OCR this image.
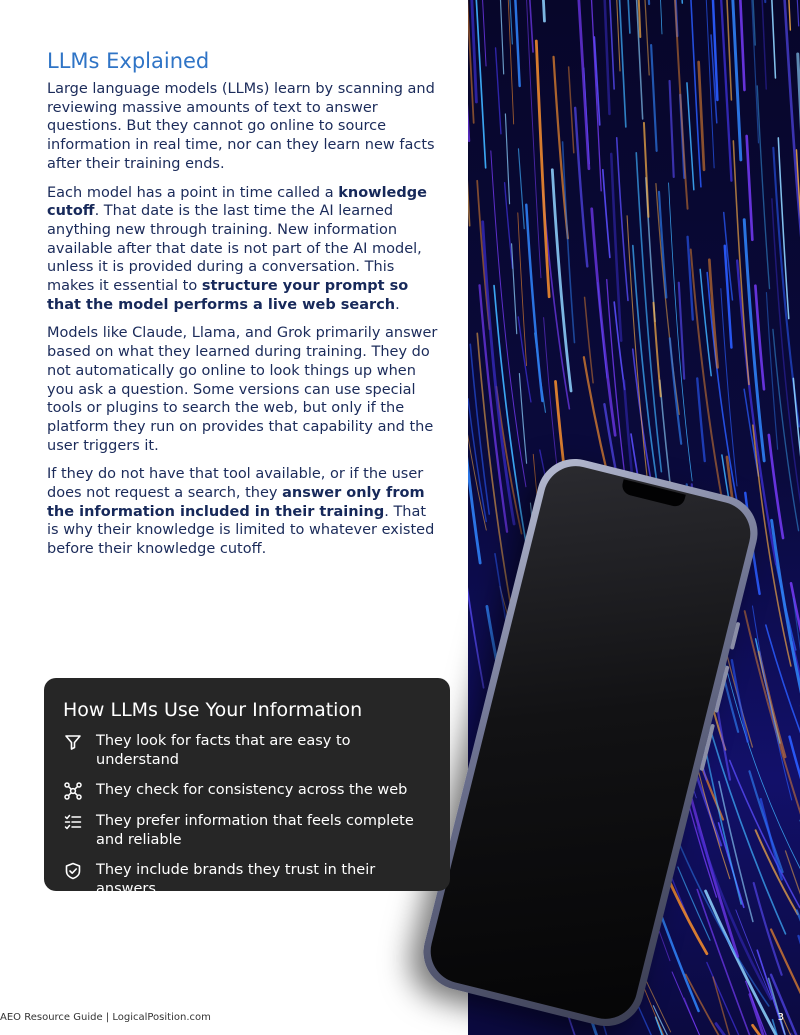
LLMs Explained

Large language models (LLMs) learn by scanning and reviewing massive amounts of text to answer questions. But they cannot go online to source information in real time, nor can they learn new facts after their training ends.

Each model has a point in time called a knowledge cutoff. That date is the last time the AI learned anything new through training. New information available after that date is not part of the AI model, unless it is provided during a conversation. This makes it essential to structure your prompt so that the model performs a live web search.

Models like Claude, Llama, and Grok primarily answer based on what they learned during training. They do not automatically go online to look things up when you ask a question. Some versions can use special tools or plugins to search the web, but only if the platform they run on provides that capability and the user triggers it.

If they do not have that tool available, or if the user does not request a search, they answer only from the information included in their training. That is why their knowledge is limited to whatever existed before their knowledge cutoff.

How LLMs Use Your Information
They look for facts that are easy to understand
They check for consistency across the web
They prefer information that feels complete and reliable
They include brands they trust in their answers
AEO Resource Guide | LogicalPosition.com	3
